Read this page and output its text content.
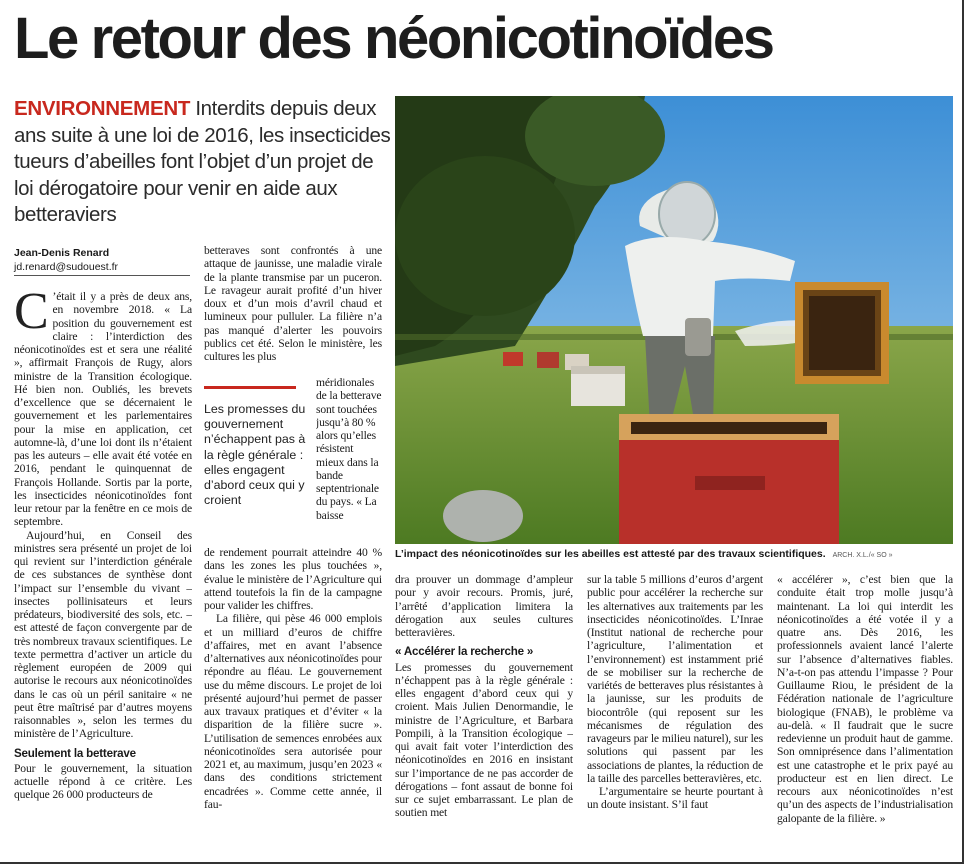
Le retour des néonicotinoïdes
ENVIRONNEMENT Interdits depuis deux ans suite à une loi de 2016, les insecticides tueurs d’abeilles font l’objet d’un projet de loi dérogatoire pour venir en aide aux betteraviers
Jean-Denis Renard
jd.renard@sudouest.fr

C ’était il y a près de deux ans, en novembre 2018. « La position du gouvernement est claire : l’interdiction des néonicotinoïdes est et sera une réalité », affirmait François de Rugy, alors ministre de la Transition écologique. Hé bien non. Oubliés, les brevets d’excellence que se décernaient le gouvernement et les parlementaires pour la mise en application, cet automne-là, d’une loi dont ils n’étaient pas les auteurs – elle avait été votée en 2016, pendant le quinquennat de François Hollande. Sortis par la porte, les insecticides néonicotinoïdes font leur retour par la fenêtre en ce mois de septembre.

Aujourd’hui, en Conseil des ministres sera présenté un projet de loi qui revient sur l’interdiction générale de ces substances de synthèse dont l’impact sur l’ensemble du vivant – insectes pollinisateurs et leurs prédateurs, biodiversité des sols, etc. – est attesté de façon convergente par de très nombreux travaux scientifiques. Le texte permettra d’activer un article du règlement européen de 2009 qui autorise le recours aux néonicotinoïdes dans le cas où un péril sanitaire « ne peut être maîtrisé par d’autres moyens raisonnables », selon les termes du ministère de l’Agriculture.

Seulement la betterave

Pour le gouvernement, la situation actuelle répond à ce critère. Les quelque 26 000 producteurs de

betteraves sont confrontés à une attaque de jaunisse, une maladie virale de la plante transmise par un puceron. Le ravageur aurait profité d’un hiver doux et d’un mois d’avril chaud et lumineux pour pulluler. La filière n’a pas manqué d’alerter les pouvoirs publics cet été. Selon le ministère, les cultures les plus

Les promesses du gouvernement n’échappent pas à la règle générale : elles engagent d’abord ceux qui y croient

méridionales de la betterave sont touchées jusqu’à 80 % alors qu’elles résistent mieux dans la bande septentrionale du pays. « La baisse

de rendement pourrait atteindre 40 % dans les zones les plus touchées », évalue le ministère de l’Agriculture qui attend toutefois la fin de la campagne pour valider les chiffres.

La filière, qui pèse 46 000 emplois et un milliard d’euros de chiffre d’affaires, met en avant l’absence d’alternatives aux néonicotinoïdes pour répondre au fléau. Le gouvernement use du même discours. Le projet de loi présenté aujourd’hui permet de passer aux travaux pratiques et d’éviter « la disparition de la filière sucre ». L’utilisation de semences enrobées aux néonicotinoïdes sera autorisée pour 2021 et, au maximum, jusqu’en 2023 « dans des conditions strictement encadrées ». Comme cette année, il fau-

L’impact des néonicotinoïdes sur les abeilles est attesté par des travaux scientifiques. ARCH. X.L./« SO »

dra prouver un dommage d’ampleur pour y avoir recours. Promis, juré, l’arrêté d’application limitera la dérogation aux seules cultures betteravières.

« Accélérer la recherche »

Les promesses du gouvernement n’échappent pas à la règle générale : elles engagent d’abord ceux qui y croient. Mais Julien Denormandie, le ministre de l’Agriculture, et Barbara Pompili, à la Transition écologique – qui avait fait voter l’interdiction des néonicotinoïdes en 2016 en insistant sur l’importance de ne pas accorder de dérogations – font assaut de bonne foi sur ce sujet embarrassant. Le plan de soutien met

sur la table 5 millions d’euros d’argent public pour accélérer la recherche sur les alternatives aux traitements par les insecticides néonicotinoïdes. L’Inrae (Institut national de recherche pour l’agriculture, l’alimentation et l’environnement) est instamment prié de se mobiliser sur la recherche de variétés de betteraves plus résistantes à la jaunisse, sur les produits de biocontrôle (qui reposent sur les mécanismes de régulation des ravageurs par le milieu naturel), sur les solutions qui passent par les associations de plantes, la réduction de la taille des parcelles betteravières, etc.

L’argumentaire se heurte pourtant à un doute insistant. S’il faut

« accélérer », c’est bien que la conduite était trop molle jusqu’à maintenant. La loi qui interdit les néonicotinoïdes a été votée il y a quatre ans. Dès 2016, les professionnels avaient lancé l’alerte sur l’absence d’alternatives fiables. N’a-t-on pas attendu l’impasse ? Pour Guillaume Riou, le président de la Fédération nationale de l’agriculture biologique (FNAB), le problème va au-delà. « Il faudrait que le sucre redevienne un produit haut de gamme. Son omniprésence dans l’alimentation est une catastrophe et le prix payé au producteur est en lien direct. Le recours aux néonicotinoïdes n’est qu’un des aspects de l’industrialisation galopante de la filière. »
